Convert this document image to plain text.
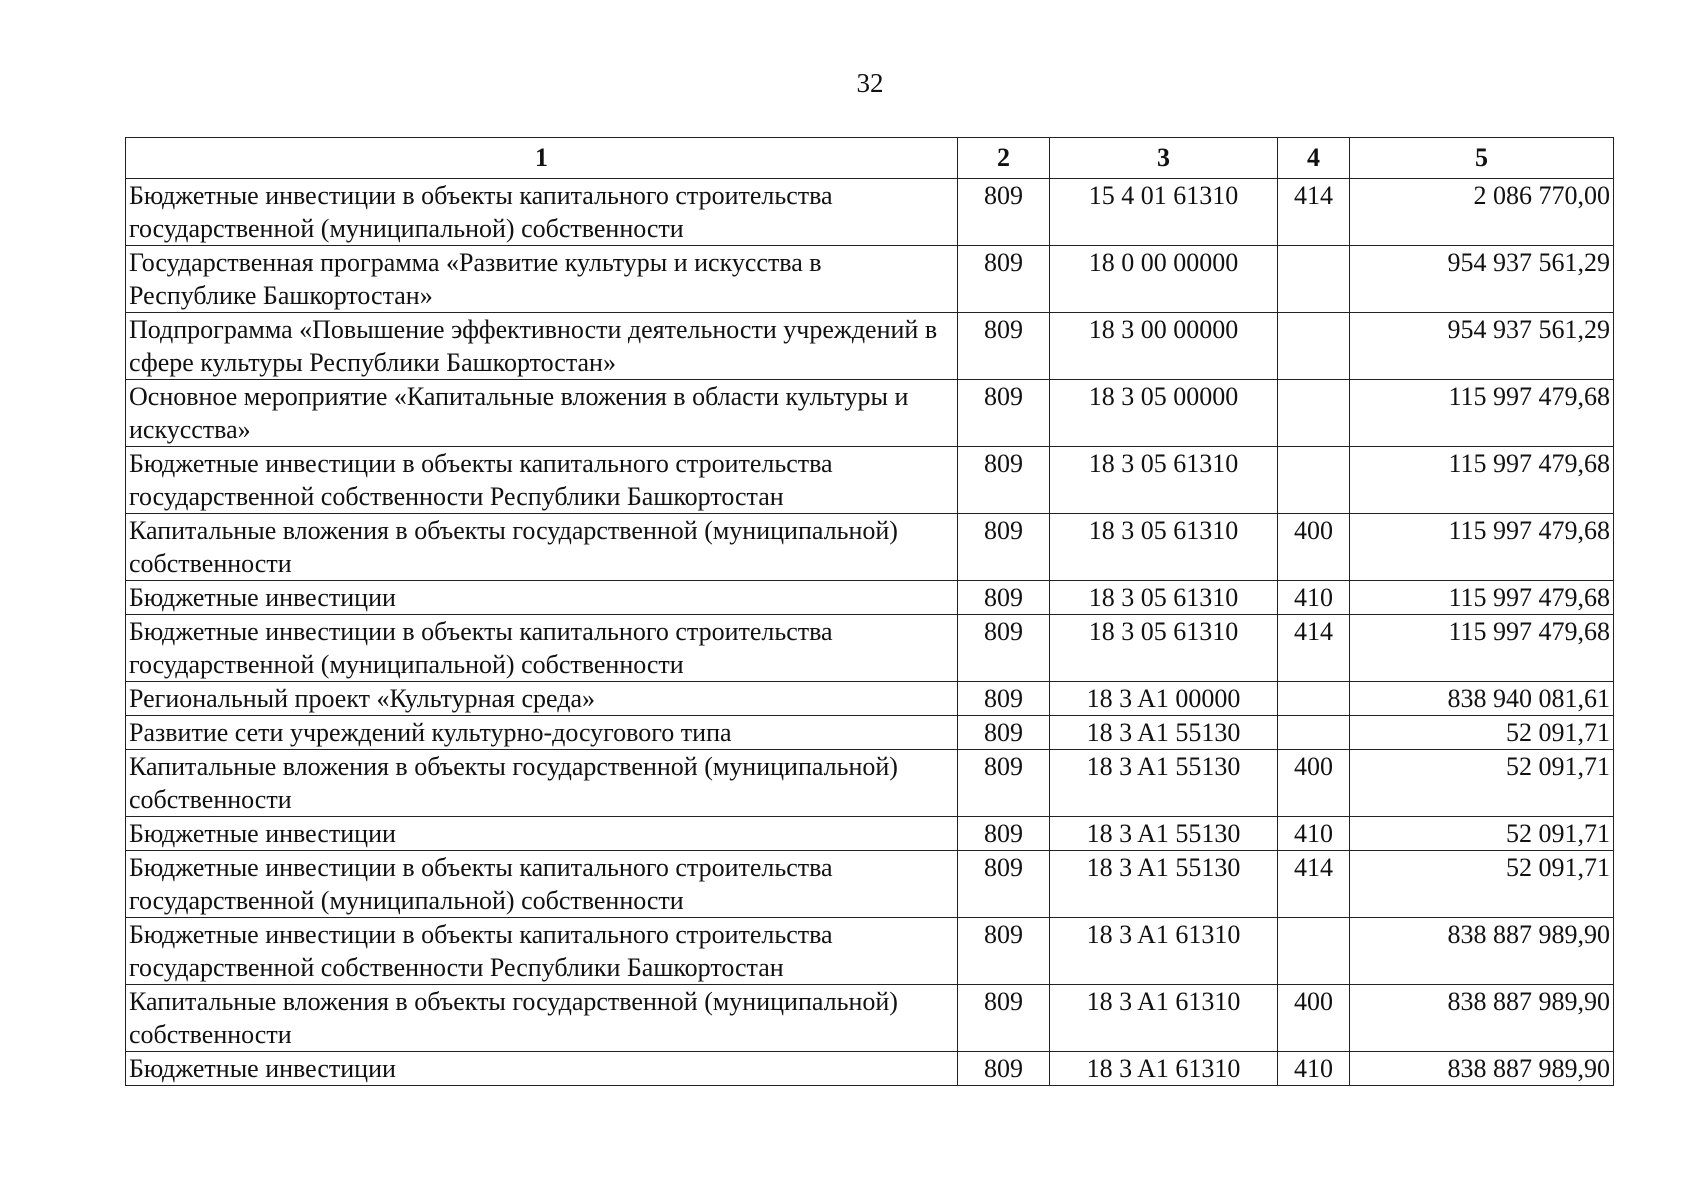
32
1	2	3	4	5
Бюджетные инвестиции в объекты капитального строительства государственной (муниципальной) собственности	809	15 4 01 61310	414	2 086 770,00
Государственная программа «Развитие культуры и искусства в Республике Башкортостан»	809	18 0 00 00000		954 937 561,29
Подпрограмма «Повышение эффективности деятельности учреждений в сфере культуры Республики Башкортостан»	809	18 3 00 00000		954 937 561,29
Основное мероприятие «Капитальные вложения в области культуры и искусства»	809	18 3 05 00000		115 997 479,68
Бюджетные инвестиции в объекты капитального строительства государственной собственности Республики Башкортостан	809	18 3 05 61310		115 997 479,68
Капитальные вложения в объекты государственной (муниципальной) собственности	809	18 3 05 61310	400	115 997 479,68
Бюджетные инвестиции	809	18 3 05 61310	410	115 997 479,68
Бюджетные инвестиции в объекты капитального строительства государственной (муниципальной) собственности	809	18 3 05 61310	414	115 997 479,68
Региональный проект «Культурная среда»	809	18 3 A1 00000		838 940 081,61
Развитие сети учреждений культурно-досугового типа	809	18 3 A1 55130		52 091,71
Капитальные вложения в объекты государственной (муниципальной) собственности	809	18 3 A1 55130	400	52 091,71
Бюджетные инвестиции	809	18 3 A1 55130	410	52 091,71
Бюджетные инвестиции в объекты капитального строительства государственной (муниципальной) собственности	809	18 3 A1 55130	414	52 091,71
Бюджетные инвестиции в объекты капитального строительства государственной собственности Республики Башкортостан	809	18 3 A1 61310		838 887 989,90
Капитальные вложения в объекты государственной (муниципальной) собственности	809	18 3 A1 61310	400	838 887 989,90
Бюджетные инвестиции	809	18 3 A1 61310	410	838 887 989,90
